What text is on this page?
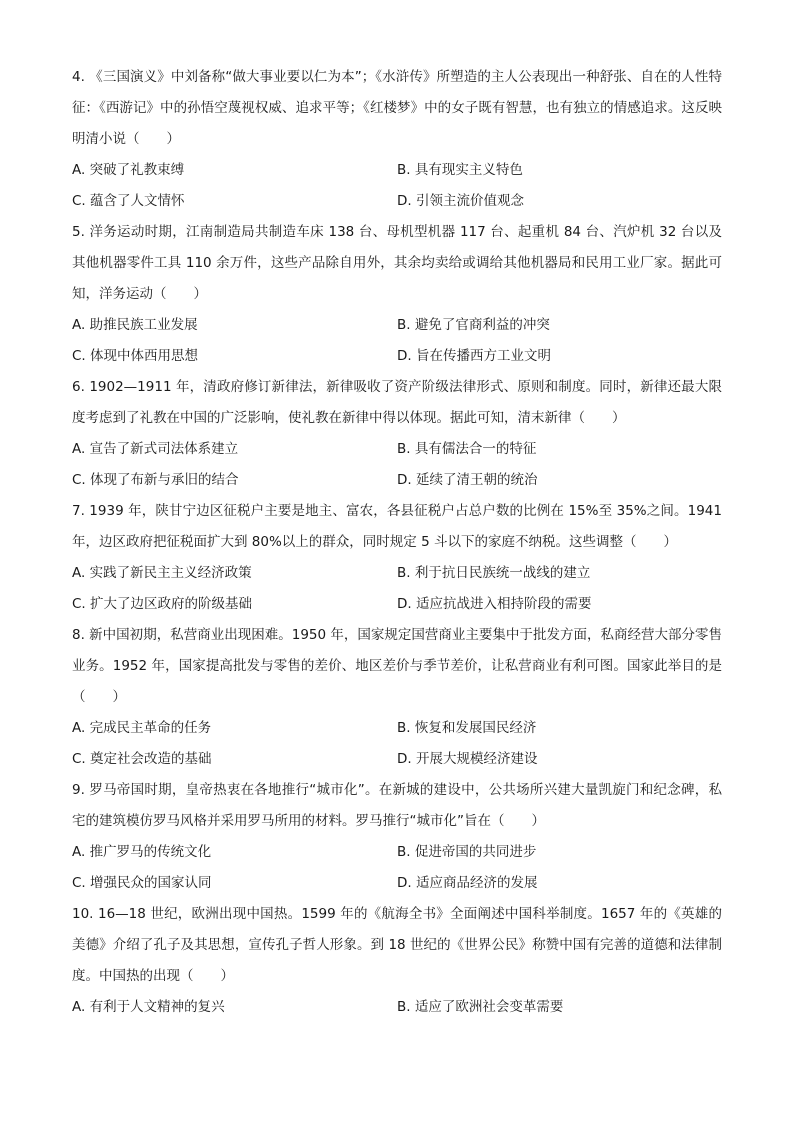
4. 《三国演义》中刘备称“做大事业要以仁为本”；《水浒传》所塑造的主人公表现出一种舒张、自在的人性特征：《西游记》中的孙悟空蔑视权威、追求平等；《红楼梦》中的女子既有智慧，也有独立的情感追求。这反映明清小说（　　）

A. 突破了礼教束缚	B. 具有现实主义特色
C. 蕴含了人文情怀	D. 引领主流价值观念

5. 洋务运动时期，江南制造局共制造车床 138 台、母机型机器 117 台、起重机 84 台、汽炉机 32 台以及其他机器零件工具 110 余万件，这些产品除自用外，其余均卖给或调给其他机器局和民用工业厂家。据此可知，洋务运动（　　）

A. 助推民族工业发展	B. 避免了官商利益的冲突
C. 体现中体西用思想	D. 旨在传播西方工业文明

6. 1902—1911 年，清政府修订新律法，新律吸收了资产阶级法律形式、原则和制度。同时，新律还最大限度考虑到了礼教在中国的广泛影响，使礼教在新律中得以体现。据此可知，清末新律（　　）

A. 宣告了新式司法体系建立	B. 具有儒法合一的特征
C. 体现了布新与承旧的结合	D. 延续了清王朝的统治

7. 1939 年，陕甘宁边区征税户主要是地主、富农，各县征税户占总户数的比例在 15%至 35%之间。1941 年，边区政府把征税面扩大到 80%以上的群众，同时规定 5 斗以下的家庭不纳税。这些调整（　　）

A. 实践了新民主主义经济政策	B. 利于抗日民族统一战线的建立
C. 扩大了边区政府的阶级基础	D. 适应抗战进入相持阶段的需要

8. 新中国初期，私营商业出现困难。1950 年，国家规定国营商业主要集中于批发方面，私商经营大部分零售业务。1952 年，国家提高批发与零售的差价、地区差价与季节差价，让私营商业有利可图。国家此举目的是（　　）

A. 完成民主革命的任务	B. 恢复和发展国民经济
C. 奠定社会改造的基础	D. 开展大规模经济建设

9. 罗马帝国时期，皇帝热衷在各地推行“城市化”。在新城的建设中，公共场所兴建大量凯旋门和纪念碑，私宅的建筑模仿罗马风格并采用罗马所用的材料。罗马推行“城市化”旨在（　　）

A. 推广罗马的传统文化	B. 促进帝国的共同进步
C. 增强民众的国家认同	D. 适应商品经济的发展

10. 16—18 世纪，欧洲出现中国热。1599 年的《航海全书》全面阐述中国科举制度。1657 年的《英雄的美德》介绍了孔子及其思想，宣传孔子哲人形象。到 18 世纪的《世界公民》称赞中国有完善的道德和法律制度。中国热的出现（　　）

A. 有利于人文精神的复兴	B. 适应了欧洲社会变革需要
